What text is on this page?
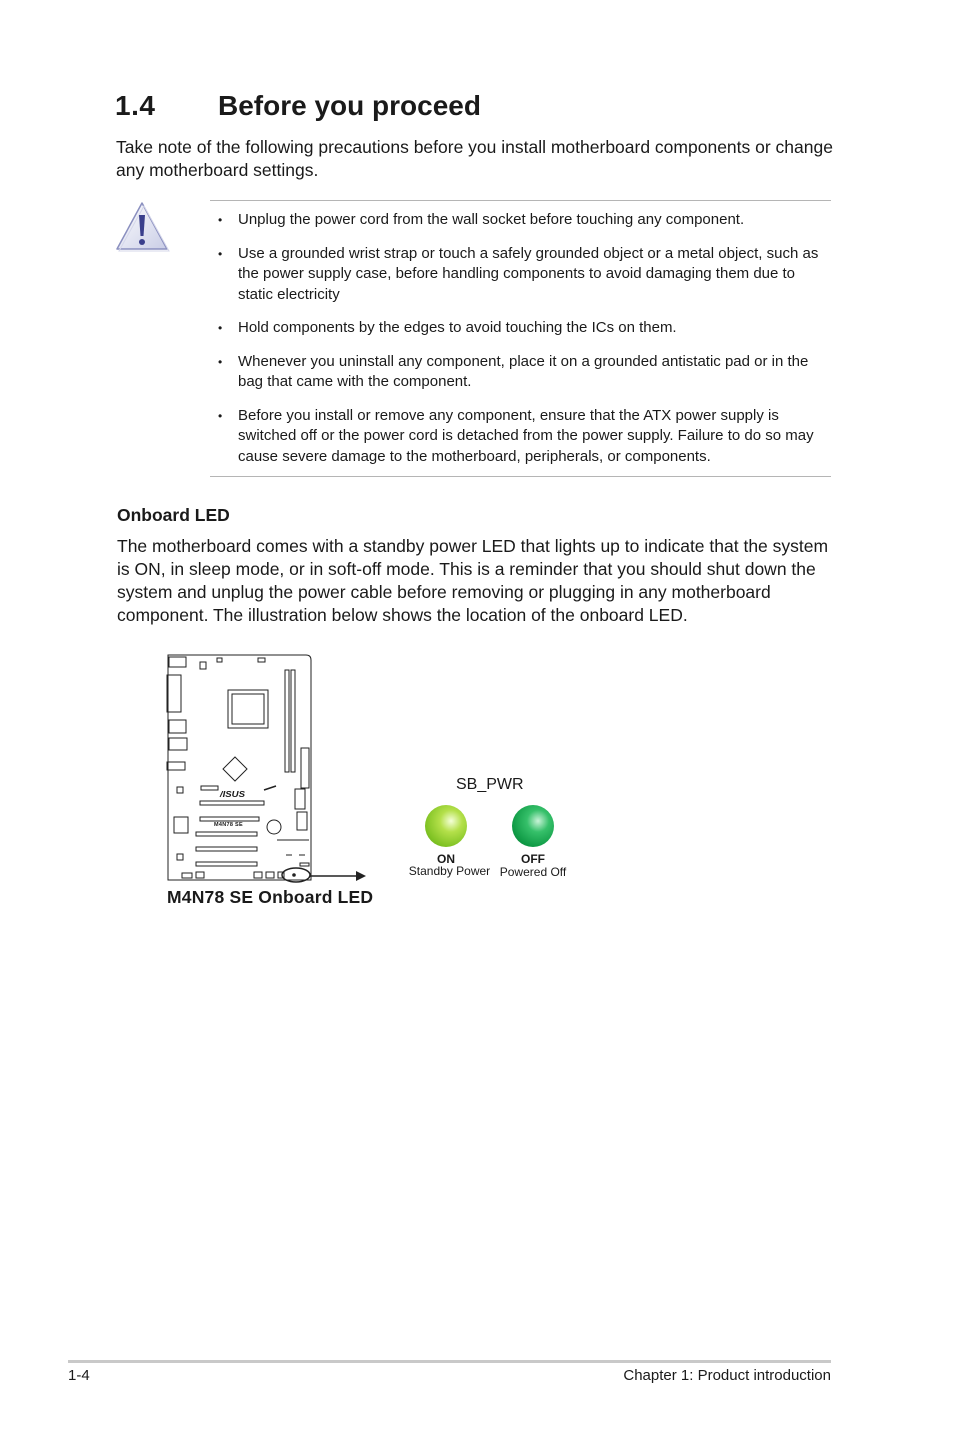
1.4 Before you proceed
Take note of the following precautions before you install motherboard components or change any motherboard settings.
• Unplug the power cord from the wall socket before touching any component.
• Use a grounded wrist strap or touch a safely grounded object or a metal object, such as the power supply case, before handling components to avoid damaging them due to static electricity
• Hold components by the edges to avoid touching the ICs on them.
• Whenever you uninstall any component, place it on a grounded antistatic pad or in the bag that came with the component.
• Before you install or remove any component, ensure that the ATX power supply is switched off or the power cord is detached from the power supply. Failure to do so may cause severe damage to the motherboard, peripherals, or components.
Onboard LED
The motherboard comes with a standby power LED that lights up to indicate that the system is ON, in sleep mode, or in soft-off mode. This is a reminder that you should shut down the system and unplug the power cable before removing or plugging in any motherboard component. The illustration below shows the location of the onboard LED.
/ISUS
M4N78 SE
SB_PWR
ON
Standby Power
OFF
Powered Off
M4N78 SE Onboard LED
1-4	Chapter 1: Product introduction
